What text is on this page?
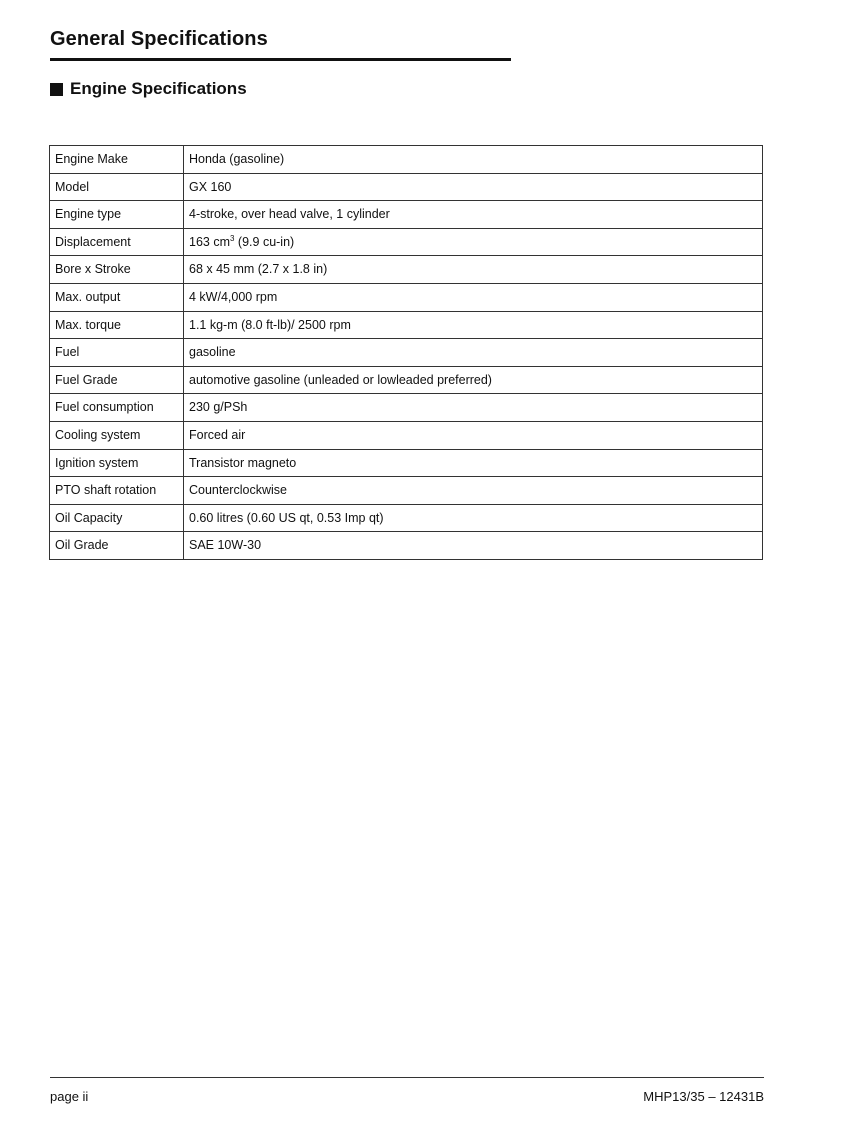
General Specifications
Engine Specifications
Engine Make	Honda (gasoline)
Model	GX 160
Engine type	4-stroke, over head valve, 1 cylinder
Displacement	163 $cm^3$ (9.9 cu-in)
Bore x Stroke	68 x 45 mm (2.7 x 1.8 in)
Max. output	4 kW/4,000 rpm
Max. torque	1.1 kg-m (8.0 ft-lb)/ 2500 rpm
Fuel	gasoline
Fuel Grade	automotive gasoline (unleaded or lowleaded preferred)
Fuel consumption	230 g/PSh
Cooling system	Forced air
Ignition system	Transistor magneto
PTO shaft rotation	Counterclockwise
Oil Capacity	0.60 litres (0.60 US qt, 0.53 Imp qt)
Oil Grade	SAE 10W-30
page ii	MHP13/35 – 12431B
